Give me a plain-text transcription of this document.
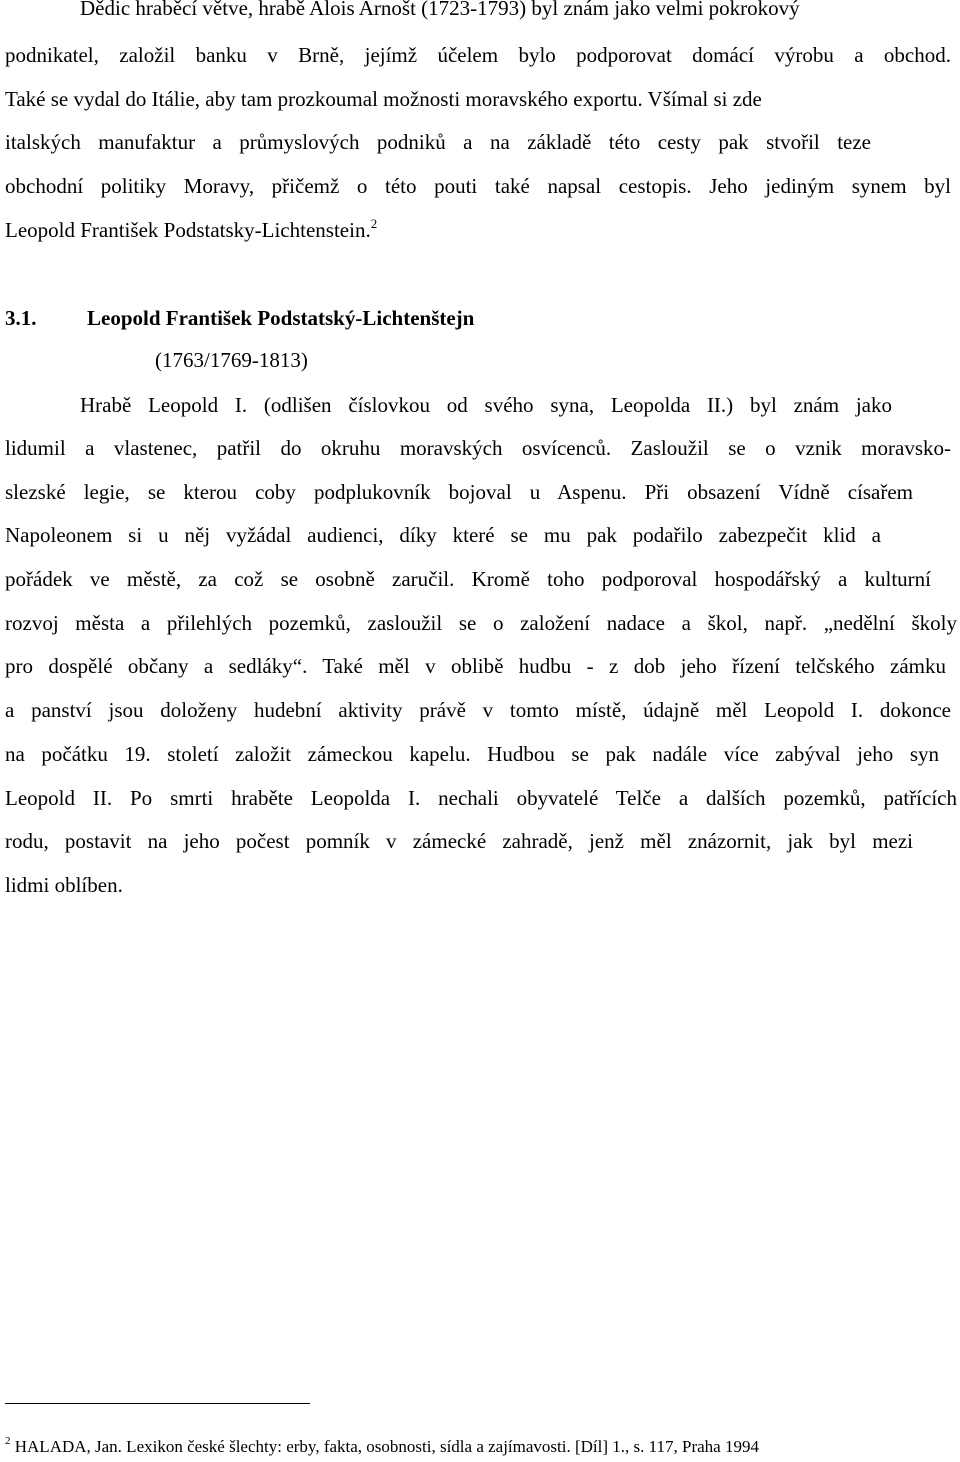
Dědic hraběcí větve, hrabě Alois Arnošt (1723-1793) byl znám jako velmi pokrokový
podnikatel, založil banku v Brně, jejímž účelem bylo podporovat domácí výrobu a obchod.
Také se vydal do Itálie, aby tam prozkoumal možnosti moravského exportu. Všímal si zde
italských manufaktur a průmyslových podniků a na základě této cesty pak stvořil teze
obchodní politiky Moravy, přičemž o této pouti také napsal cestopis. Jeho jediným synem byl
Leopold František Podstatsky-Lichtenstein.$^2$
3.1. Leopold František Podstatský-Lichtenštejn
(1763/1769-1813)
Hrabě Leopold I. (odlišen číslovkou od svého syna, Leopolda II.) byl znám jako
lidumil a vlastenec, patřil do okruhu moravských osvícenců. Zasloužil se o vznik moravsko-
slezské legie, se kterou coby podplukovník bojoval u Aspenu. Při obsazení Vídně císařem
Napoleonem si u něj vyžádal audienci, díky které se mu pak podařilo zabezpečit klid a
pořádek ve městě, za což se osobně zaručil. Kromě toho podporoval hospodářský a kulturní
rozvoj města a přilehlých pozemků, zasloužil se o založení nadace a škol, např. „nedělní školy
pro dospělé občany a sedláky“. Také měl v oblibě hudbu - z dob jeho řízení telčského zámku
a panství jsou doloženy hudební aktivity právě v tomto místě, údajně měl Leopold I. dokonce
na počátku 19. století založit zámeckou kapelu. Hudbou se pak nadále více zabýval jeho syn
Leopold II. Po smrti hraběte Leopolda I. nechali obyvatelé Telče a dalších pozemků, patřících
rodu, postavit na jeho počest pomník v zámecké zahradě, jenž měl znázornit, jak byl mezi
lidmi oblíben.
$^2$ HALADA, Jan. Lexikon české šlechty: erby, fakta, osobnosti, sídla a zajímavosti. [Díl] 1., s. 117, Praha 1994
